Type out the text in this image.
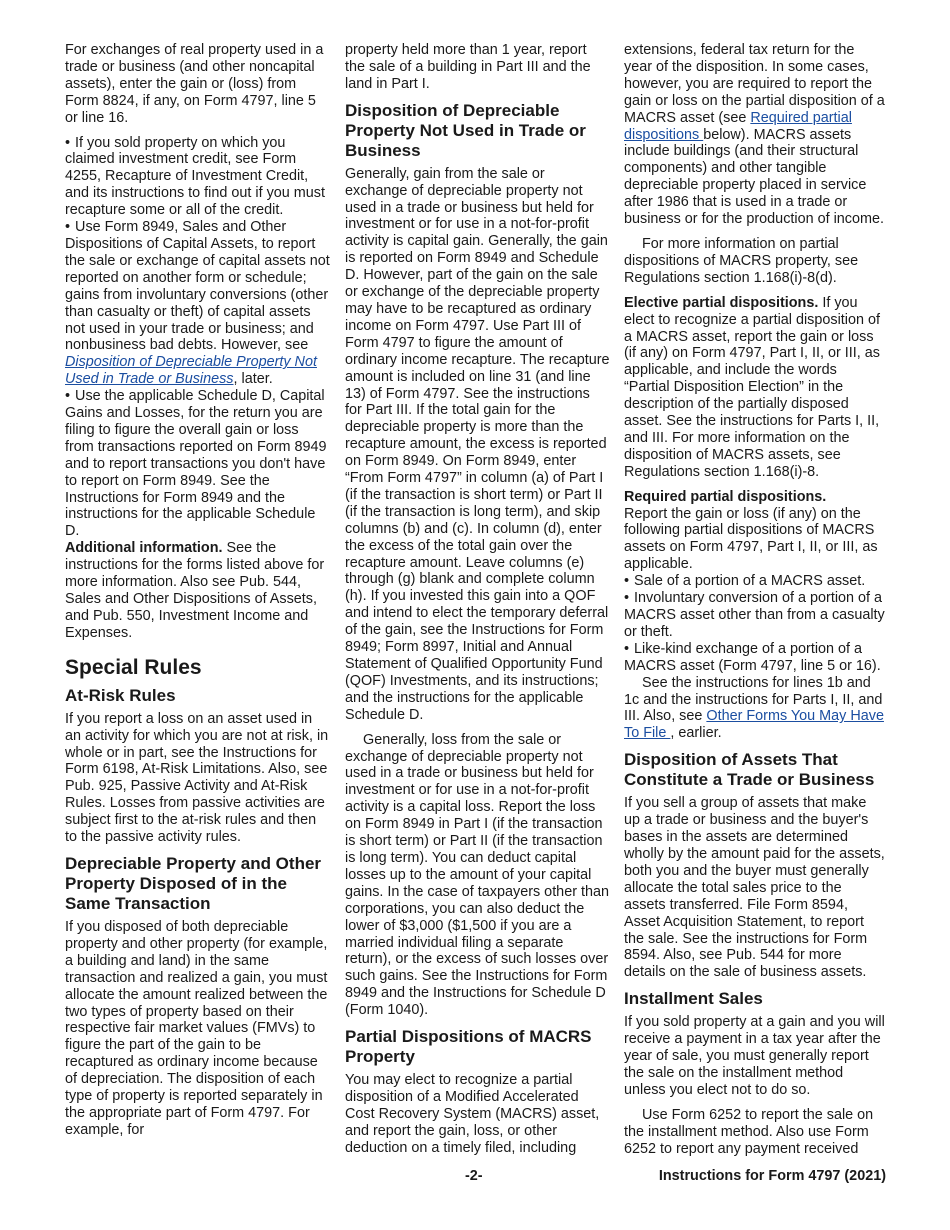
For exchanges of real property used in a trade or business (and other noncapital assets), enter the gain or (loss) from Form 8824, if any, on Form 4797, line 5 or line 16.

• If you sold property on which you claimed investment credit, see Form 4255, Recapture of Investment Credit, and its instructions to find out if you must recapture some or all of the credit.

• Use Form 8949, Sales and Other Dispositions of Capital Assets, to report the sale or exchange of capital assets not reported on another form or schedule; gains from involuntary conversions (other than casualty or theft) of capital assets not used in your trade or business; and nonbusiness bad debts. However, see Disposition of Depreciable Property Not Used in Trade or Business, later.

• Use the applicable Schedule D, Capital Gains and Losses, for the return you are filing to figure the overall gain or loss from transactions reported on Form 8949 and to report transactions you don't have to report on Form 8949. See the Instructions for Form 8949 and the instructions for the applicable Schedule D.

Additional information. See the instructions for the forms listed above for more information. Also see Pub. 544, Sales and Other Dispositions of Assets, and Pub. 550, Investment Income and Expenses.

Special Rules
At-Risk Rules

If you report a loss on an asset used in an activity for which you are not at risk, in whole or in part, see the Instructions for Form 6198, At-Risk Limitations. Also, see Pub. 925, Passive Activity and At-Risk Rules. Losses from passive activities are subject first to the at-risk rules and then to the passive activity rules.

Depreciable Property and Other Property Disposed of in the Same Transaction

If you disposed of both depreciable property and other property (for example, a building and land) in the same transaction and realized a gain, you must allocate the amount realized between the two types of property based on their respective fair market values (FMVs) to figure the part of the gain to be recaptured as ordinary income because of depreciation. The disposition of each type of property is reported separately in the appropriate part of Form 4797. For example, for

property held more than 1 year, report the sale of a building in Part III and the land in Part I.

Disposition of Depreciable Property Not Used in Trade or Business

Generally, gain from the sale or exchange of depreciable property not used in a trade or business but held for investment or for use in a not-for-profit activity is capital gain. Generally, the gain is reported on Form 8949 and Schedule D. However, part of the gain on the sale or exchange of the depreciable property may have to be recaptured as ordinary income on Form 4797. Use Part III of Form 4797 to figure the amount of ordinary income recapture. The recapture amount is included on line 31 (and line 13) of Form 4797. See the instructions for Part III. If the total gain for the depreciable property is more than the recapture amount, the excess is reported on Form 8949. On Form 8949, enter “From Form 4797” in column (a) of Part I (if the transaction is short term) or Part II (if the transaction is long term), and skip columns (b) and (c). In column (d), enter the excess of the total gain over the recapture amount. Leave columns (e) through (g) blank and complete column (h). If you invested this gain into a QOF and intend to elect the temporary deferral of the gain, see the Instructions for Form 8949; Form 8997, Initial and Annual Statement of Qualified Opportunity Fund (QOF) Investments, and its instructions; and the instructions for the applicable Schedule D.

Generally, loss from the sale or exchange of depreciable property not used in a trade or business but held for investment or for use in a not-for-profit activity is a capital loss. Report the loss on Form 8949 in Part I (if the transaction is short term) or Part II (if the transaction is long term). You can deduct capital losses up to the amount of your capital gains. In the case of taxpayers other than corporations, you can also deduct the lower of $3,000 ($1,500 if you are a married individual filing a separate return), or the excess of such losses over such gains. See the Instructions for Form 8949 and the Instructions for Schedule D (Form 1040).

Partial Dispositions of MACRS Property

You may elect to recognize a partial disposition of a Modified Accelerated Cost Recovery System (MACRS) asset, and report the gain, loss, or other deduction on a timely filed, including

extensions, federal tax return for the year of the disposition. In some cases, however, you are required to report the gain or loss on the partial disposition of a MACRS asset (see Required partial dispositions below). MACRS assets include buildings (and their structural components) and other tangible depreciable property placed in service after 1986 that is used in a trade or business or for the production of income.

For more information on partial dispositions of MACRS property, see Regulations section 1.168(i)-8(d).

Elective partial dispositions. If you elect to recognize a partial disposition of a MACRS asset, report the gain or loss (if any) on Form 4797, Part I, II, or III, as applicable, and include the words “Partial Disposition Election” in the description of the partially disposed asset. See the instructions for Parts I, II, and III. For more information on the disposition of MACRS assets, see Regulations section 1.168(i)-8.

Required partial dispositions.
Report the gain or loss (if any) on the following partial dispositions of MACRS assets on Form 4797, Part I, II, or III, as applicable.

• Sale of a portion of a MACRS asset.

• Involuntary conversion of a portion of a MACRS asset other than from a casualty or theft.

• Like-kind exchange of a portion of a MACRS asset (Form 4797, line 5 or 16).

See the instructions for lines 1b and 1c and the instructions for Parts I, II, and III. Also, see Other Forms You May Have To File , earlier.

Disposition of Assets That Constitute a Trade or Business

If you sell a group of assets that make up a trade or business and the buyer's bases in the assets are determined wholly by the amount paid for the assets, both you and the buyer must generally allocate the total sales price to the assets transferred. File Form 8594, Asset Acquisition Statement, to report the sale. See the instructions for Form 8594. Also, see Pub. 544 for more details on the sale of business assets.

Installment Sales

If you sold property at a gain and you will receive a payment in a tax year after the year of sale, you must generally report the sale on the installment method unless you elect not to do so.

Use Form 6252 to report the sale on the installment method. Also use Form 6252 to report any payment received

-2-	Instructions for Form 4797 (2021)
